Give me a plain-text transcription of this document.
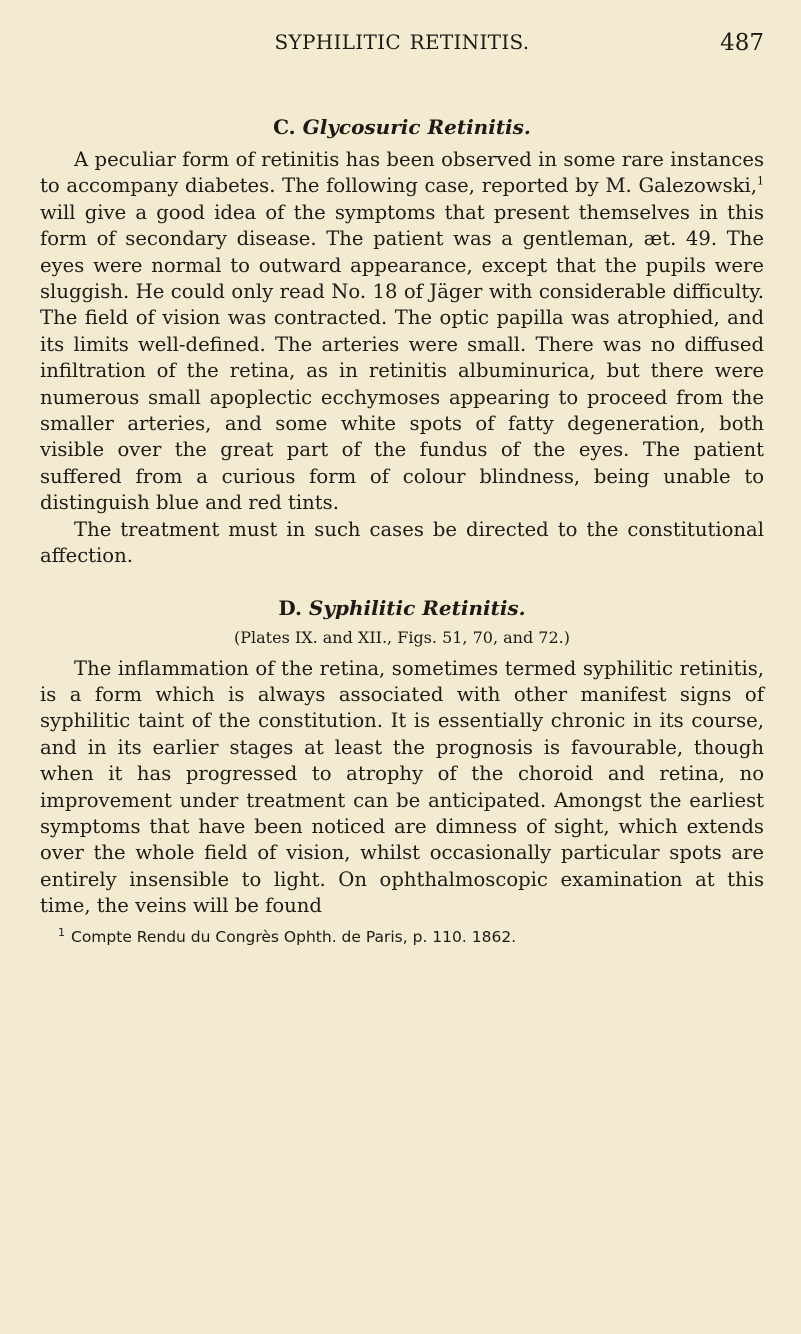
SYPHILITIC RETINITIS.	487
C. Glycosuric Retinitis.

A peculiar form of retinitis has been observed in some rare instances to accompany diabetes. The following case, reported by M. Galezowski,$^1$ will give a good idea of the symptoms that present themselves in this form of secondary disease. The patient was a gentleman, æt. 49. The eyes were normal to outward appearance, except that the pupils were sluggish. He could only read No. 18 of Jäger with considerable difficulty. The field of vision was contracted. The optic papilla was atrophied, and its limits well-defined. The arteries were small. There was no diffused infiltration of the retina, as in retinitis albuminurica, but there were numerous small apoplectic ecchymoses appearing to proceed from the smaller arteries, and some white spots of fatty degeneration, both visible over the great part of the fundus of the eyes. The patient suffered from a curious form of colour blindness, being unable to distinguish blue and red tints.

The treatment must in such cases be directed to the constitutional affection.

D. Syphilitic Retinitis.
(Plates IX. and XII., Figs. 51, 70, and 72.)

The inflammation of the retina, sometimes termed syphilitic retinitis, is a form which is always associated with other manifest signs of syphilitic taint of the constitution. It is essentially chronic in its course, and in its earlier stages at least the prognosis is favourable, though when it has progressed to atrophy of the choroid and retina, no improvement under treatment can be anticipated. Amongst the earliest symptoms that have been noticed are dimness of sight, which extends over the whole field of vision, whilst occasionally particular spots are entirely insensible to light. On ophthalmoscopic examination at this time, the veins will be found

$^1$ Compte Rendu du Congrès Ophth. de Paris, p. 110. 1862.
